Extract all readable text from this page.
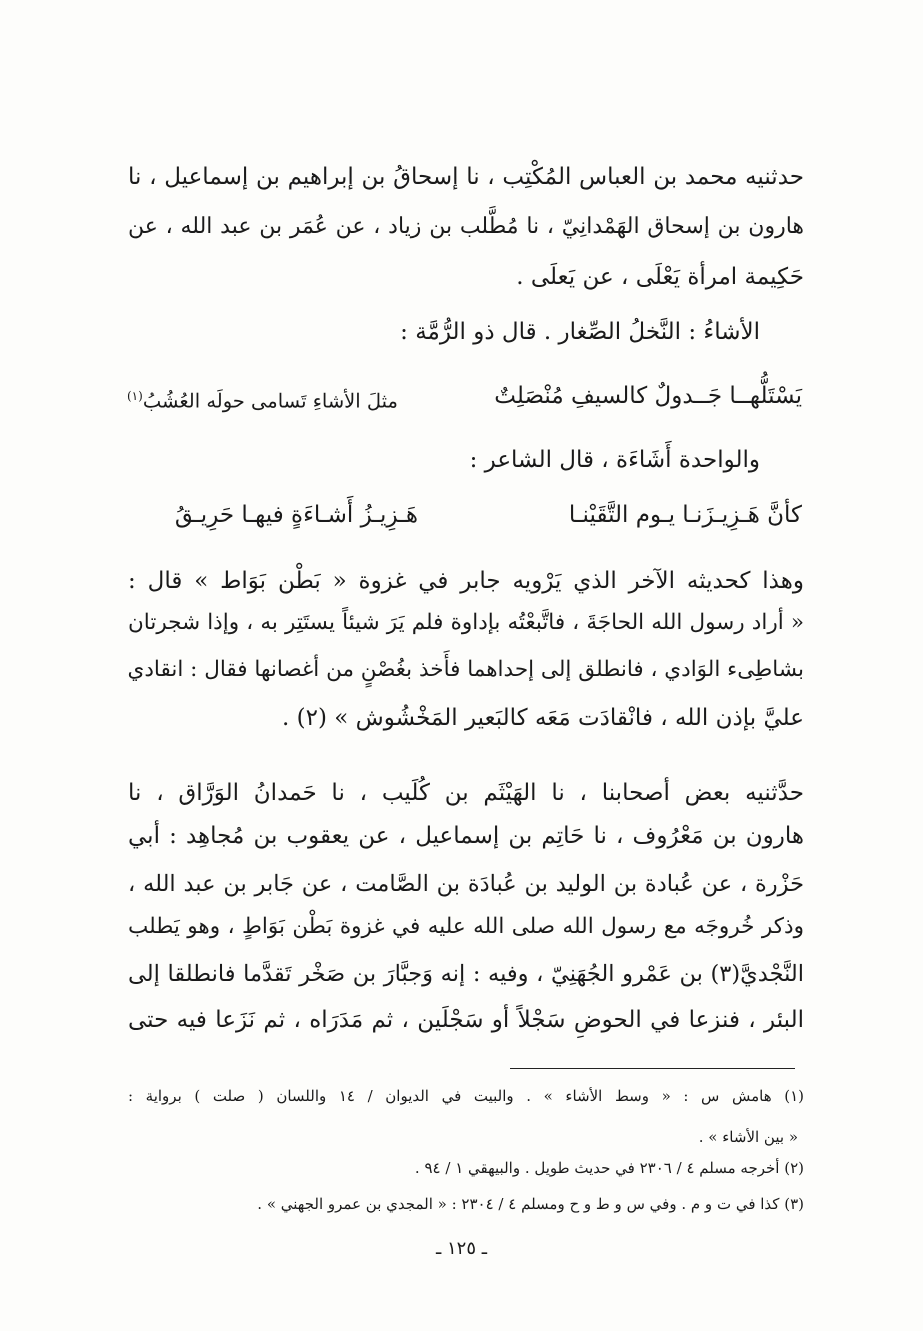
حدثنيه محمد بن العباس المُكْتِب ، نا إسحاقُ بن إبراهيم بن إسماعيل ، نا
هارون بن إسحاق الهَمْدانِيّ ، نا مُطَّلب بن زياد ، عن عُمَر بن عبد الله ، عن
حَكِيمة امرأة يَعْلَى ، عن يَعلَى .
الأشاءُ : النَّخلُ الصِّغار . قال ذو الرُّمَّة :
يَسْتَلُّهــا جَــدولٌ كالسيفِ مُنْصَلِتٌ
مثلَ الأشاءِ تَسامى حولَه العُشُبُ$^{(١)}$
والواحدة أَشَاءَة ، قال الشاعر :
كأنَّ هَـزِيـزَنـا يـوم التَّقَيْنـا
هَـزِيـزُ أَشـاءَةٍ فيهـا حَرِيـقُ
وهذا كحديثه الآخر الذي يَرْويه جابر في غزوة « بَطْن بَوَاط » قال :
« أراد رسول الله الحاجَةَ ، فاتَّبعْتُه بإداوة فلم يَرَ شيئاً يستَتِر به ، وإذا شجرتان
بشاطِىء الوَادي ، فانطلق إلى إحداهما فأَخذ بغُصْنٍ من أغصانها فقال : انقادي
عليَّ بإذن الله ، فانْقادَت مَعَه كالبَعير المَخْشُوش » (٢) .
حدَّثنيه بعض أصحابنا ، نا الهَيْثَم بن كُلَيب ، نا حَمدانُ الوَرَّاق ، نا
هارون بن مَعْرُوف ، نا حَاتِم بن إسماعيل ، عن يعقوب بن مُجاهِد : أبي
حَزْرة ، عن عُبادة بن الوليد بن عُبادَة بن الصَّامت ، عن جَابر بن عبد الله ،
وذكر خُروجَه مع رسول الله صلى الله عليه في غزوة بَطْن بَوَاطٍ ، وهو يَطلب
النَّجْديَّ(٣) بن عَمْرو الجُهَنِيّ ، وفيه : إنه وَجبَّارَ بن صَخْر تَقدَّما فانطلقا إلى
البئر ، فنزعا في الحوضِ سَجْلاً أو سَجْلَين ، ثم مَدَرَاه ، ثم نَزَعا فيه حتى
(١) هامش س : « وسط الأشاء » . والبيت في الديوان / ١٤ واللسان ( صلت ) برواية :
« بين الأشاء » .
(٢) أخرجه مسلم ٤ / ٢٣٠٦ في حديث طويل . والبيهقي ١ / ٩٤ .
(٣) كذا في ت و م . وفي س و ط و ح ومسلم ٤ / ٢٣٠٤ : « المجدي بن عمرو الجهني » .
ـ ١٢٥ ـ
